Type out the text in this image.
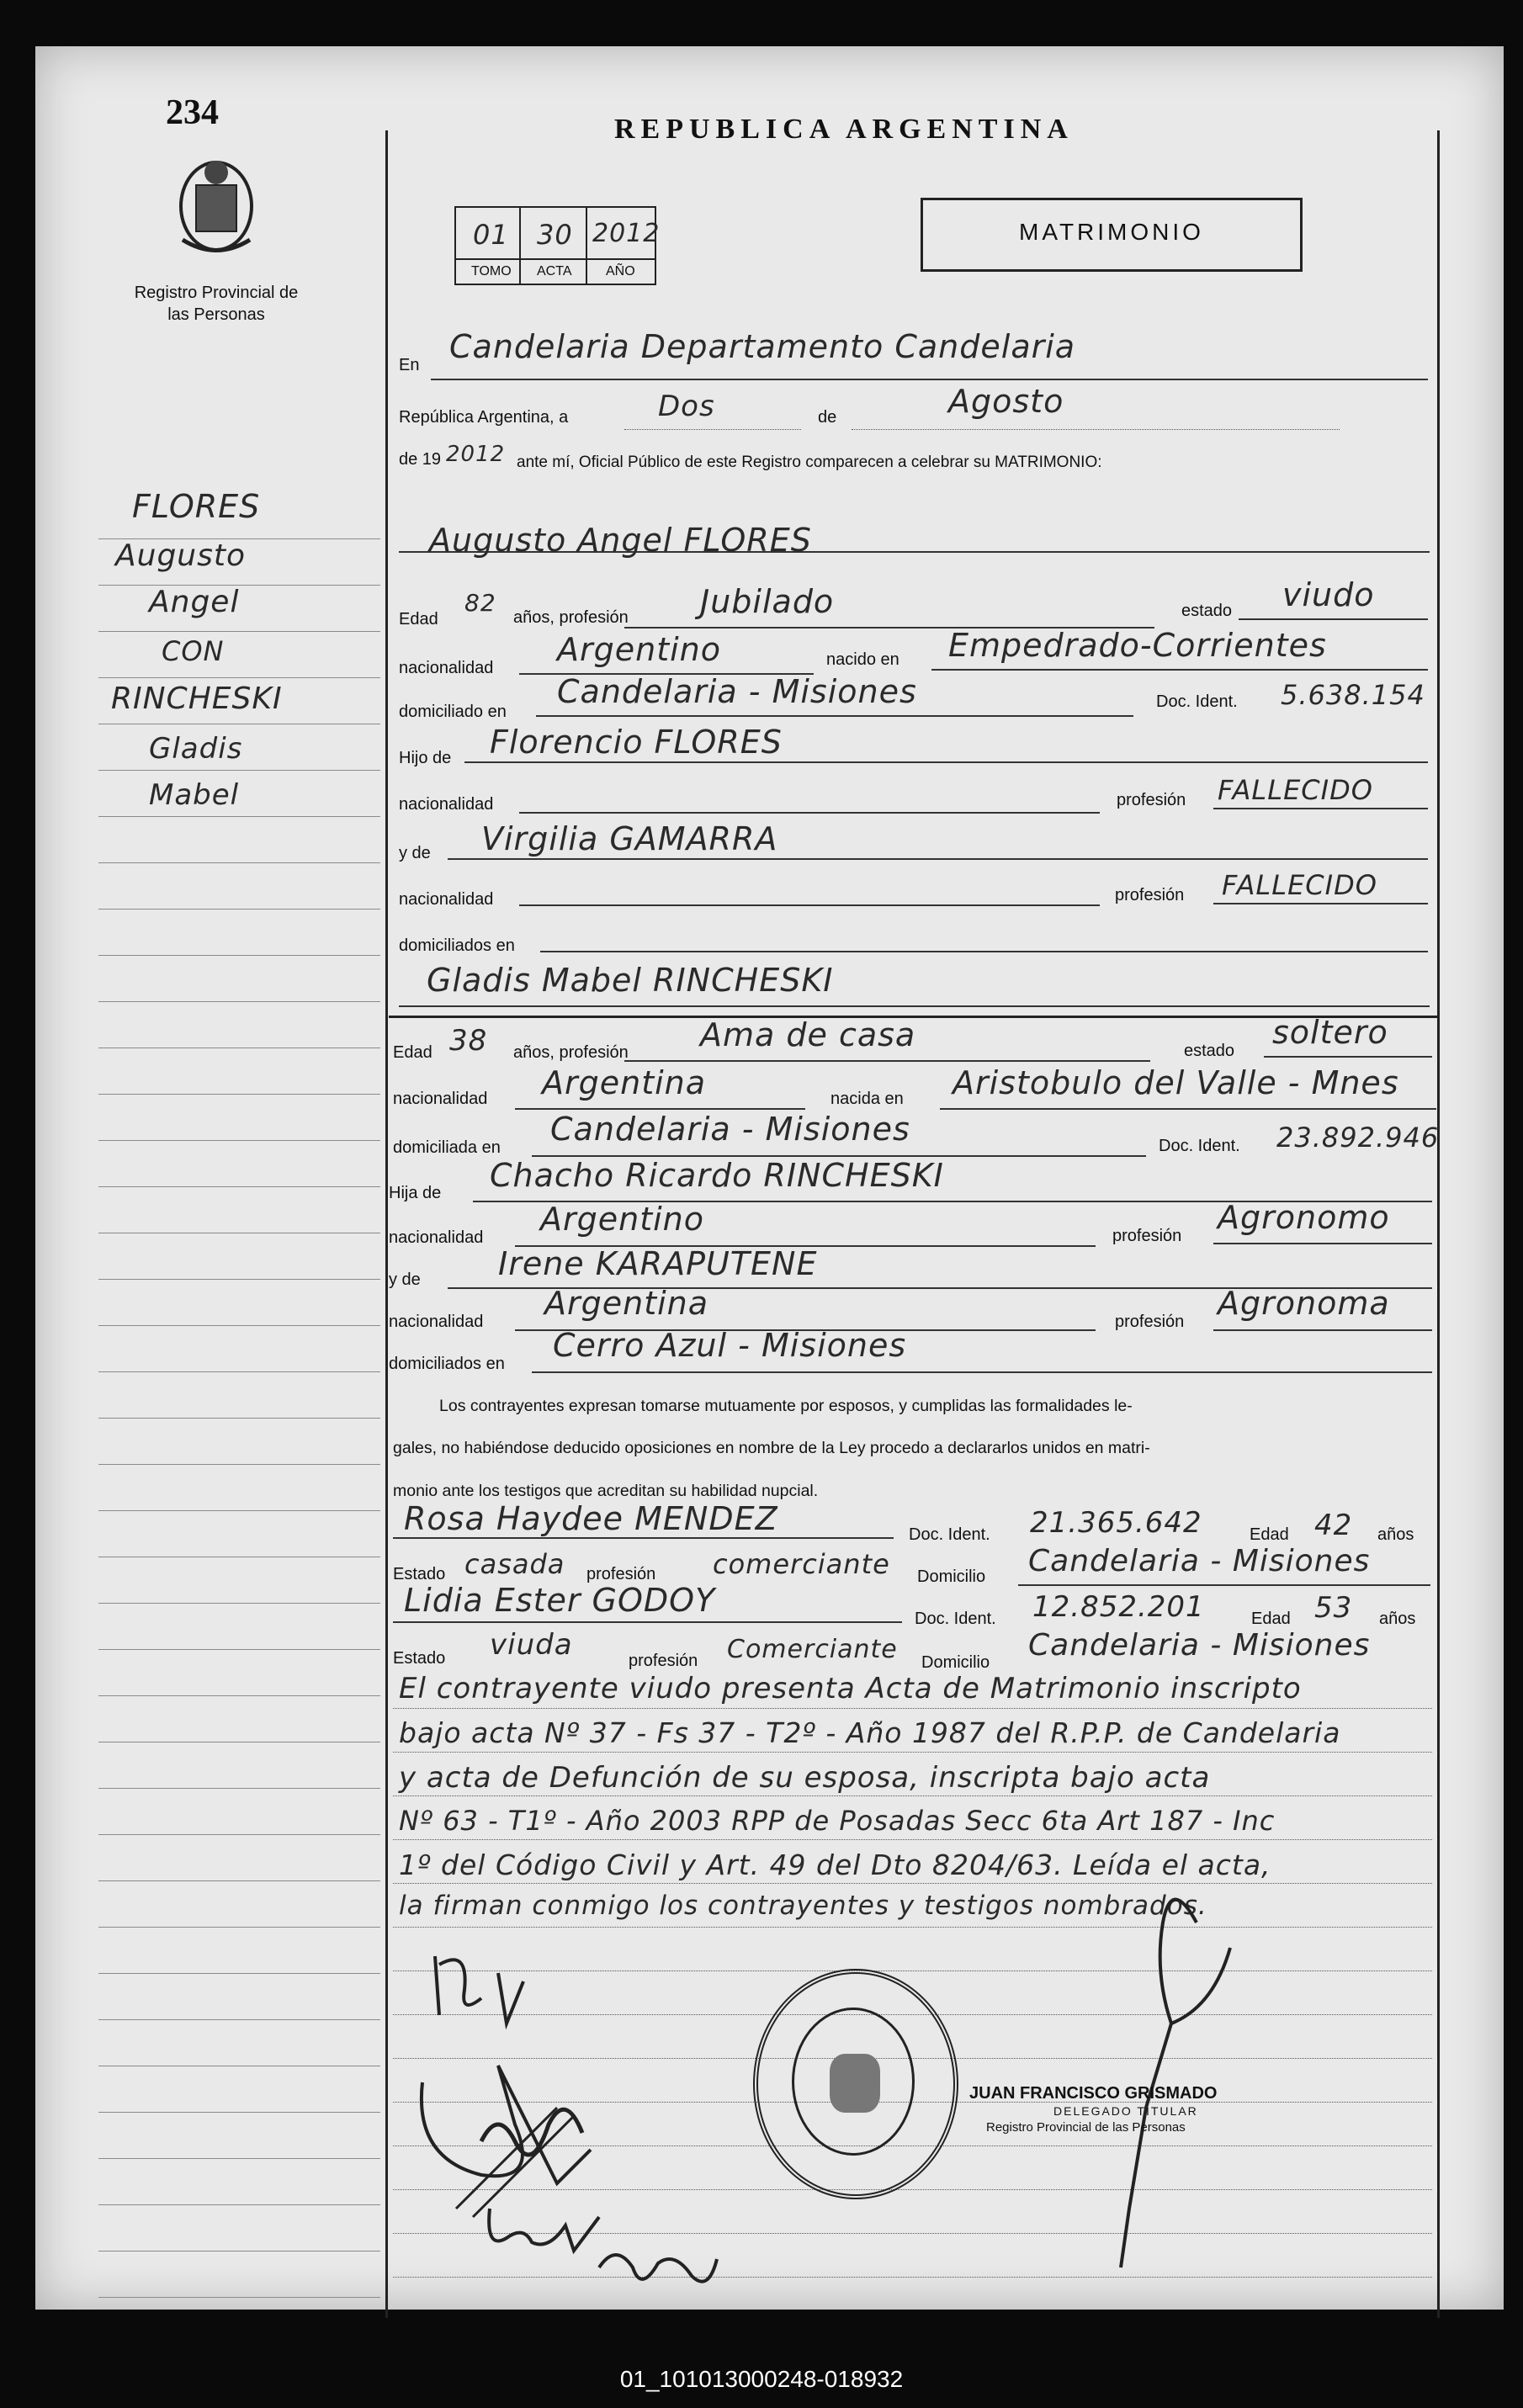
234
Registro Provincial de las Personas
FLORES
Augusto
Angel
CON
RINCHESKI
Gladis
Mabel
REPUBLICA ARGENTINA
01 30 2012
TOMO ACTA	AÑO
MATRIMONIO
En Candelaria Departamento Candelaria
República Argentina, a	Dos	de	Agosto
de 19 2012 ante mí, Oficial Público de este Registro comparecen a celebrar su MATRIMONIO:
Augusto Angel FLORES
Edad
82
años, profesión Jubilado	estado viudo
nacionalidad Argentino	nacido en Empedrado-Corrientes
domiciliado en
Candelaria - Misiones	Doc. Ident. 5.638.154
Hijo de Florencio FLORES
nacionalidad	profesión FALLECIDO
y de Virgilia GAMARRA
nacionalidad	profesión FALLECIDO
domiciliados en
Gladis Mabel RINCHESKI
Edad 38 años, profesión Ama de casa	estado soltero
nacionalidad Argentina	nacida en Aristobulo del Valle - Mnes
domiciliada en Candelaria - Misiones	Doc. Ident. 23.892.946
Hija de Chacho Ricardo RINCHESKI
nacionalidad Argentino	profesión Agronomo
y de Irene KARAPUTENE
nacionalidad Argentina	profesión Agronoma
domiciliados en Cerro Azul - Misiones
Los contrayentes expresan tomarse mutuamente por esposos, y cumplidas las formalidades le-
gales, no habiéndose deducido oposiciones en nombre de la Ley procedo a declararlos unidos en matri-
monio ante los testigos que acreditan su habilidad nupcial.
Rosa Haydee MENDEZ	Doc. Ident. 21.365.642	Edad 42 años
Estado casada profesión comerciante Domicilio Candelaria - Misiones
Lidia Ester GODOY	Doc. Ident. 12.852.201	Edad 53 años
Estado viuda	profesión Comerciante Domicilio Candelaria - Misiones
El contrayente viudo presenta Acta de Matrimonio inscripto
bajo acta Nº 37 - Fs 37 - T2º - Año 1987 del R.P.P. de Candelaria
y acta de Defunción de su esposa, inscripta bajo acta
Nº 63 - T1º - Año 2003 RPP de Posadas Secc 6ta Art 187 - Inc
1º del Código Civil y Art. 49 del Dto 8204/63. Leída el acta,
la firman conmigo los contrayentes y testigos nombrados.
JUAN FRANCISCO GRISMADO
DELEGADO TITULAR
Registro Provincial de las Personas
01_101013000248-018932
